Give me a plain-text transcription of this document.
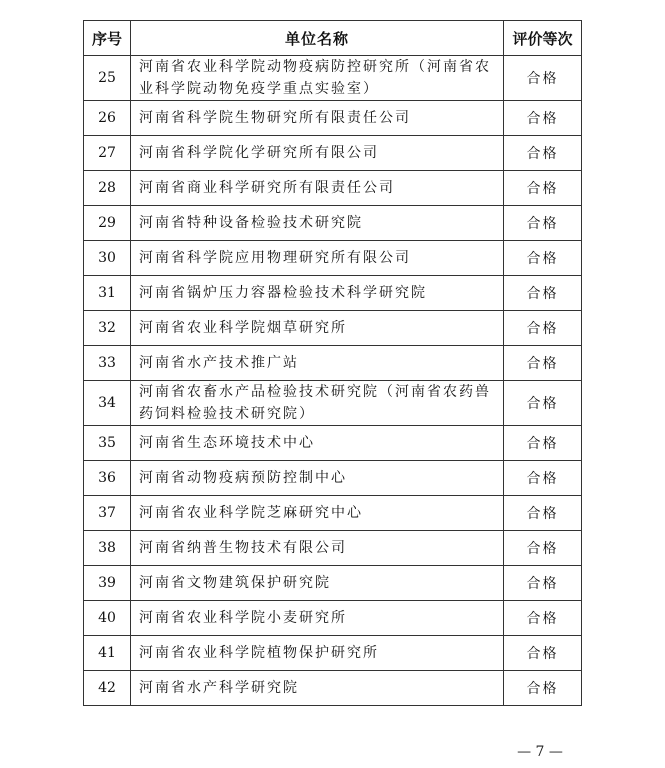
序号	单位名称	评价等次
25	河南省农业科学院动物疫病防控研究所（河南省农业科学院动物免疫学重点实验室）	合格
26	河南省科学院生物研究所有限责任公司	合格
27	河南省科学院化学研究所有限公司	合格
28	河南省商业科学研究所有限责任公司	合格
29	河南省特种设备检验技术研究院	合格
30	河南省科学院应用物理研究所有限公司	合格
31	河南省锅炉压力容器检验技术科学研究院	合格
32	河南省农业科学院烟草研究所	合格
33	河南省水产技术推广站	合格
34	河南省农畜水产品检验技术研究院（河南省农药兽药饲料检验技术研究院）	合格
35	河南省生态环境技术中心	合格
36	河南省动物疫病预防控制中心	合格
37	河南省农业科学院芝麻研究中心	合格
38	河南省纳普生物技术有限公司	合格
39	河南省文物建筑保护研究院	合格
40	河南省农业科学院小麦研究所	合格
41	河南省农业科学院植物保护研究所	合格
42	河南省水产科学研究院	合格
— 7 —
